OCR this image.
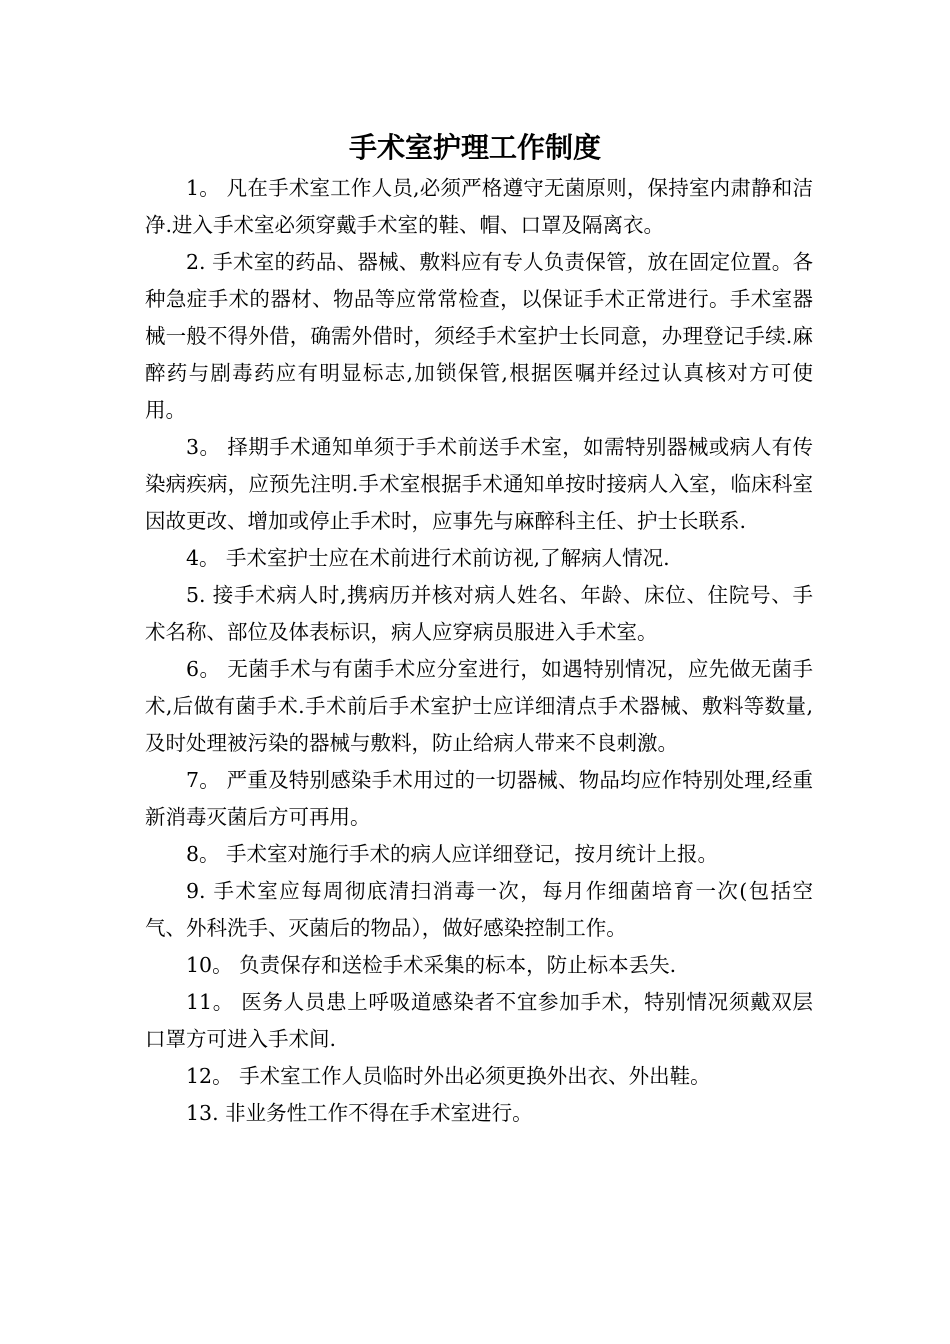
手术室护理工作制度

1。 凡在手术室工作人员,必须严格遵守无菌原则，保持室内肃静和洁净.进入手术室必须穿戴手术室的鞋、帽、口罩及隔离衣。

2. 手术室的药品、器械、敷料应有专人负责保管，放在固定位置。各种急症手术的器材、物品等应常常检查，以保证手术正常进行。手术室器械一般不得外借，确需外借时，须经手术室护士长同意，办理登记手续.麻醉药与剧毒药应有明显标志,加锁保管,根据医嘱并经过认真核对方可使用。

3。 择期手术通知单须于手术前送手术室，如需特别器械或病人有传染病疾病，应预先注明.手术室根据手术通知单按时接病人入室，临床科室因故更改、增加或停止手术时，应事先与麻醉科主任、护士长联系.

4。 手术室护士应在术前进行术前访视,了解病人情况.

5. 接手术病人时,携病历并核对病人姓名、年龄、床位、住院号、手术名称、部位及体表标识，病人应穿病员服进入手术室。

6。 无菌手术与有菌手术应分室进行，如遇特别情况，应先做无菌手术,后做有菌手术.手术前后手术室护士应详细清点手术器械、敷料等数量,及时处理被污染的器械与敷料，防止给病人带来不良刺激。

7。 严重及特别感染手术用过的一切器械、物品均应作特别处理,经重新消毒灭菌后方可再用。

8。 手术室对施行手术的病人应详细登记，按月统计上报。

9. 手术室应每周彻底清扫消毒一次，每月作细菌培育一次(包括空气、外科洗手、灭菌后的物品），做好感染控制工作。

10。 负责保存和送检手术采集的标本，防止标本丢失.

11。 医务人员患上呼吸道感染者不宜参加手术，特别情况须戴双层口罩方可进入手术间.

12。 手术室工作人员临时外出必须更换外出衣、外出鞋。

13. 非业务性工作不得在手术室进行。
